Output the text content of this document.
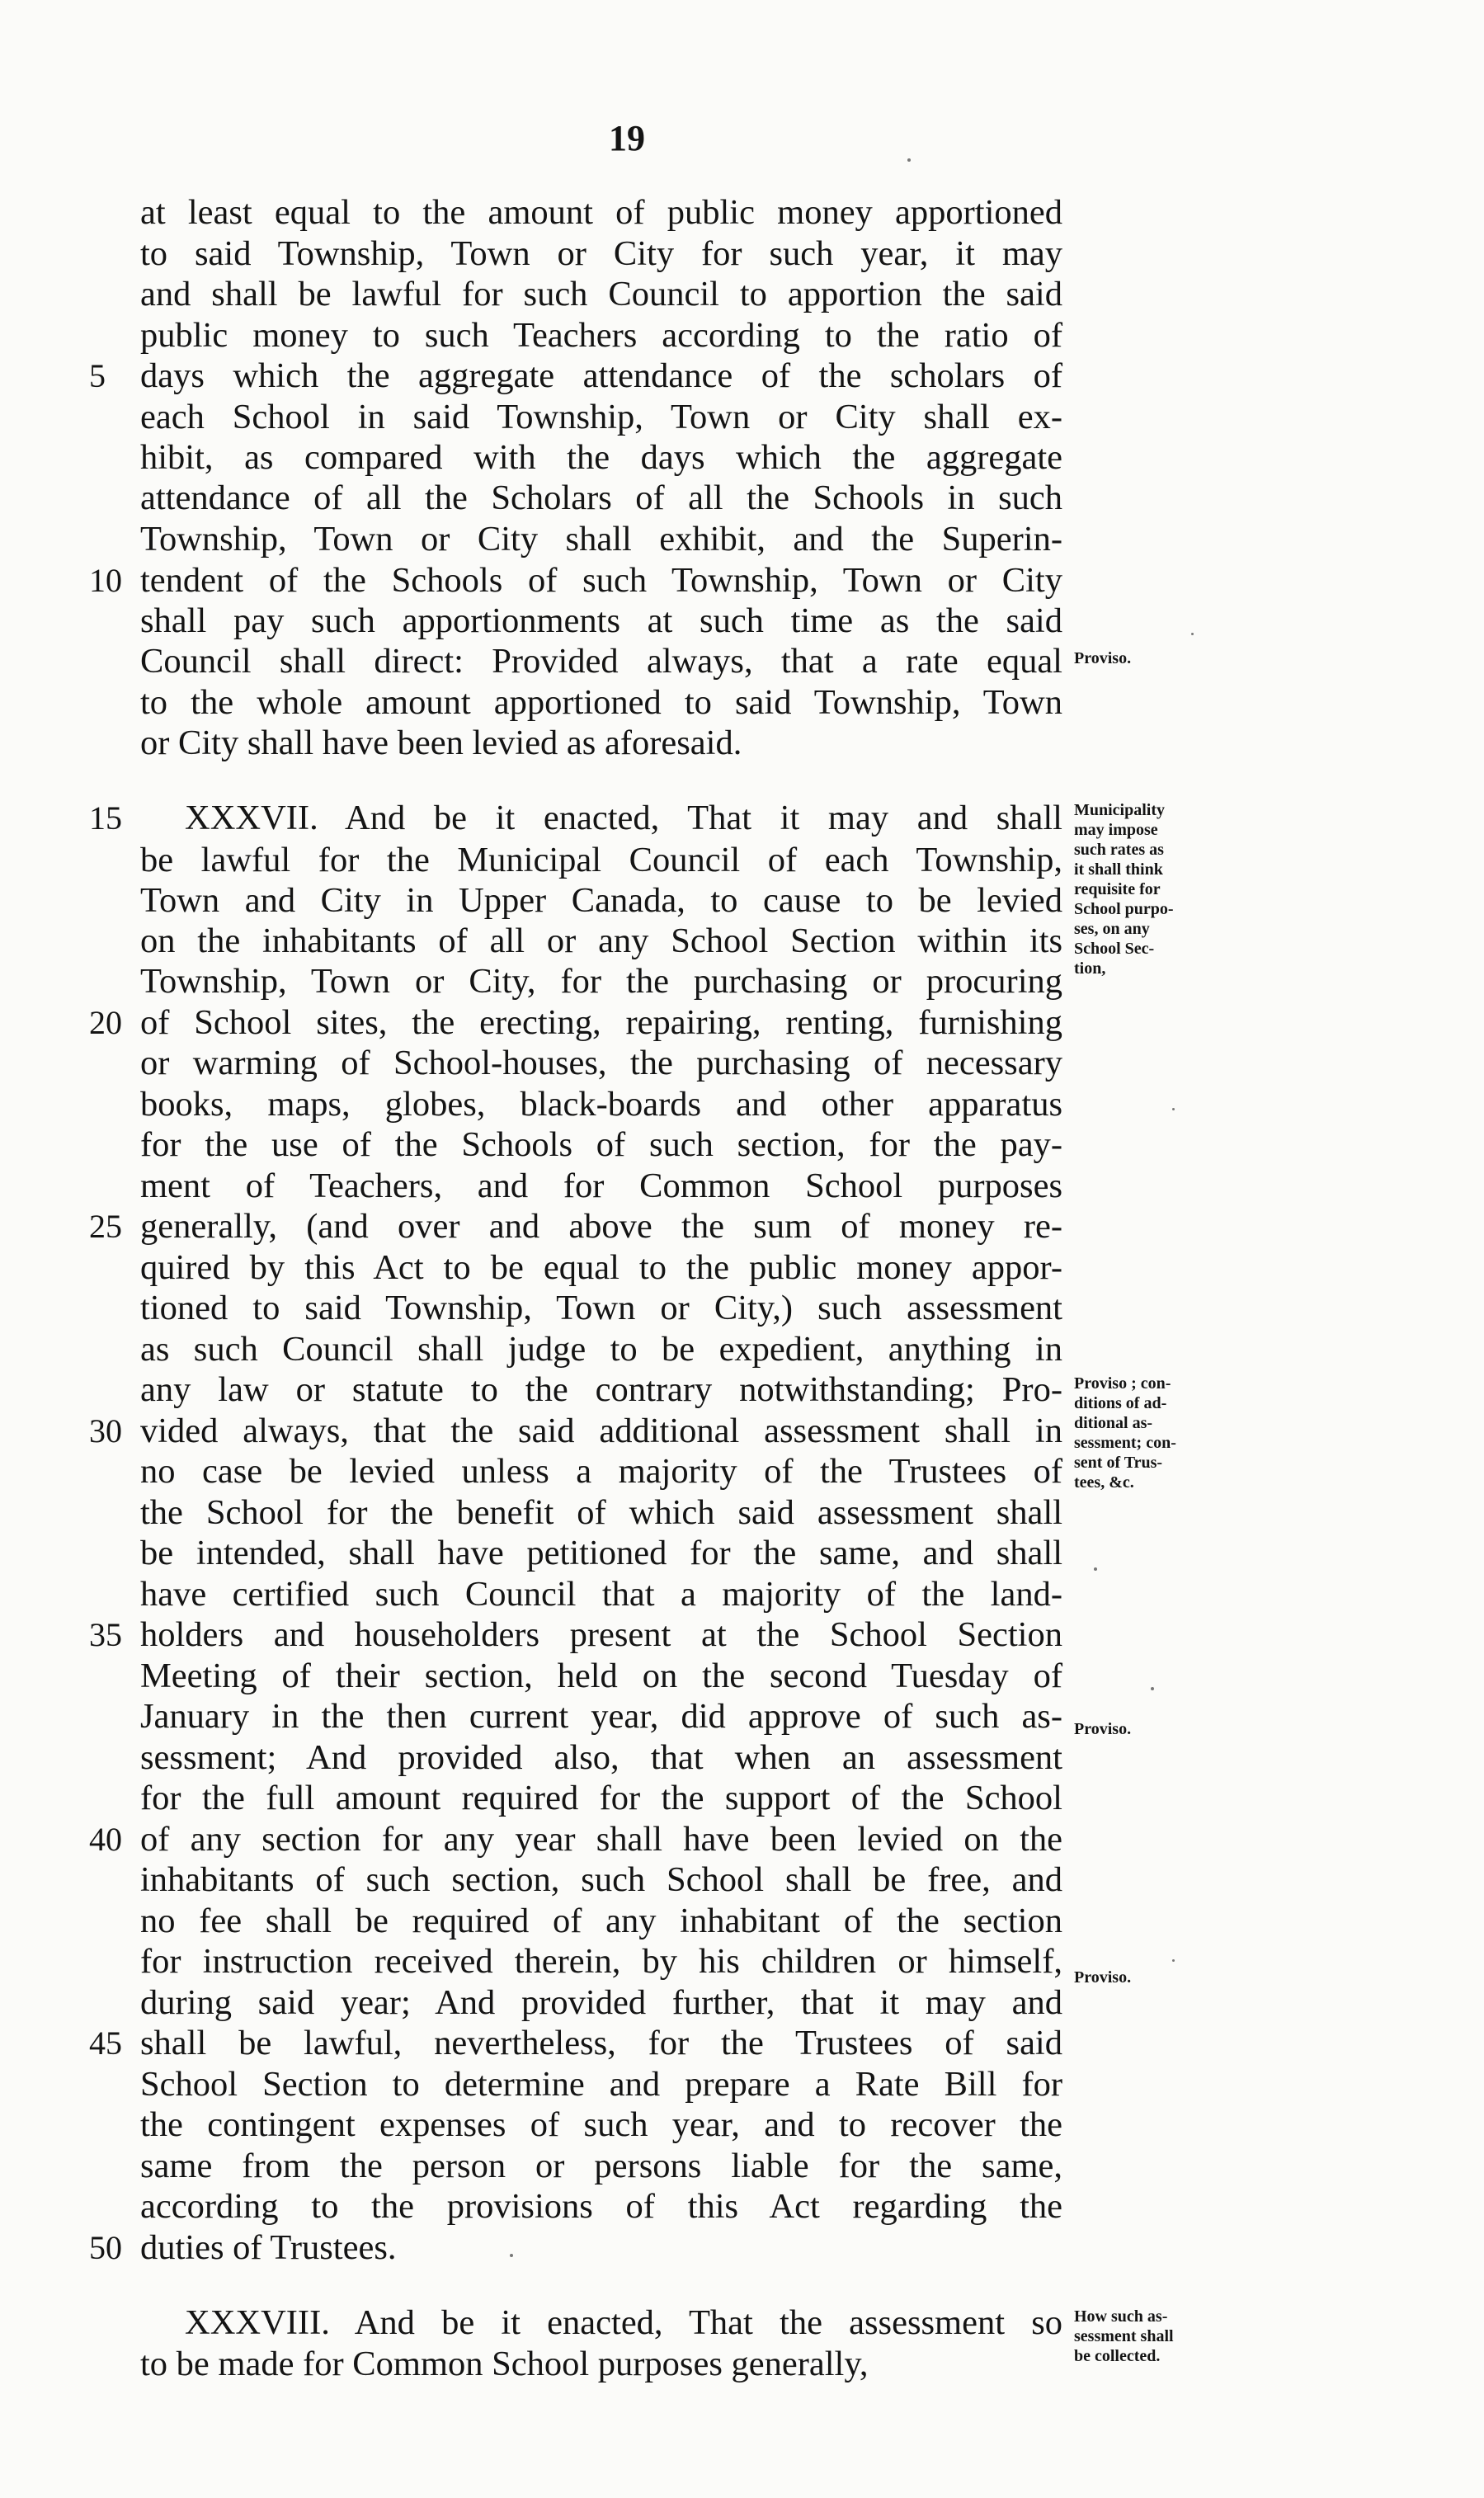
19
at least equal to the amount of public money apportioned
to said Township, Town or City for such year, it may
and shall be lawful for such Council to apportion the said
public money to such Teachers according to the ratio of
5 days which the aggregate attendance of the scholars of
each School in said Township, Town or City shall ex-
hibit, as compared with the days which the aggregate
attendance of all the Scholars of all the Schools in such
Township, Town or City shall exhibit, and the Superin-
10 tendent of the Schools of such Township, Town or City
shall pay such apportionments at such time as the said
Council shall direct: Provided always, that a rate equal
to the whole amount apportioned to said Township, Town
or City shall have been levied as aforesaid.
15	XXXVII. And be it enacted, That it may and shall
be lawful for the Municipal Council of each Township,
Town and City in Upper Canada, to cause to be levied
on the inhabitants of all or any School Section within its
Township, Town or City, for the purchasing or procuring
20 of School sites, the erecting, repairing, renting, furnishing
or warming of School-houses, the purchasing of necessary
books, maps, globes, black-boards and other apparatus
for the use of the Schools of such section, for the pay-
ment of Teachers, and for Common School purposes
25 generally, (and over and above the sum of money re-
quired by this Act to be equal to the public money appor-
tioned to said Township, Town or City,) such assessment
as such Council shall judge to be expedient, anything in
any law or statute to the contrary notwithstanding; Pro-
30 vided always, that the said additional assessment shall in
no case be levied unless a majority of the Trustees of
the School for the benefit of which said assessment shall
be intended, shall have petitioned for the same, and shall
have certified such Council that a majority of the land-
35 holders and householders present at the School Section
Meeting of their section, held on the second Tuesday of
January in the then current year, did approve of such as-
sessment; And provided also, that when an assessment
for the full amount required for the support of the School
40 of any section for any year shall have been levied on the
inhabitants of such section, such School shall be free, and
no fee shall be required of any inhabitant of the section
for instruction received therein, by his children or himself,
during said year; And provided further, that it may and
45 shall be lawful, nevertheless, for the Trustees of said
School Section to determine and prepare a Rate Bill for
the contingent expenses of such year, and to recover the
same from the person or persons liable for the same,
according to the provisions of this Act regarding the
50 duties of Trustees.
XXXVIII. And be it enacted, That the assessment so
to be made for Common School purposes generally,
Proviso.
Municipality
may impose
such rates as
it shall think
requisite for
School purpo-
ses, on any
School Sec-
tion,
Proviso ; con-
ditions of ad-
ditional as-
sessment; con-
sent of Trus-
tees, &c.
Proviso.
Proviso.
How such as-
sessment shall
be collected.
